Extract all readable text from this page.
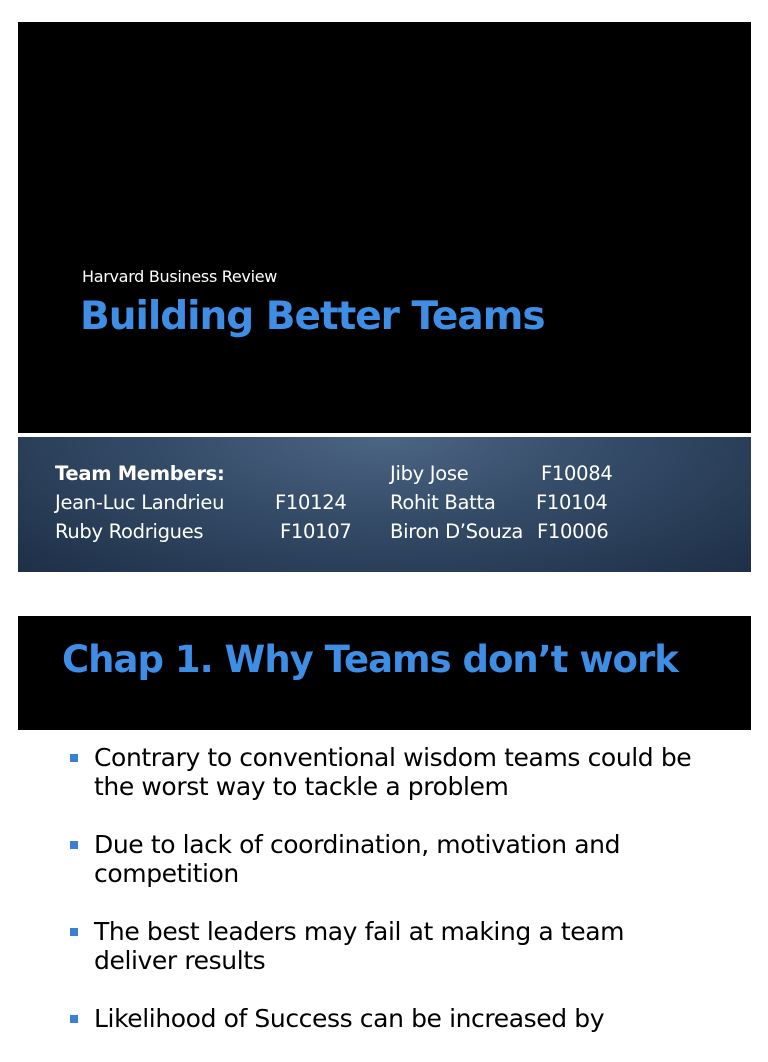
Harvard Business Review
Building Better Teams
Team Members:
Jean-Luc Landrieu	F10124
Ruby Rodrigues	F10107
Jiby Jose	F10084
Rohit Batta F10104
Biron D’Souza F10006
Chap 1. Why Teams don’t work
Contrary to conventional wisdom teams could be the worst way to tackle a problem
Due to lack of coordination, motivation and competition
The best leaders may fail at making a team deliver results
Likelihood of Success can be increased by
